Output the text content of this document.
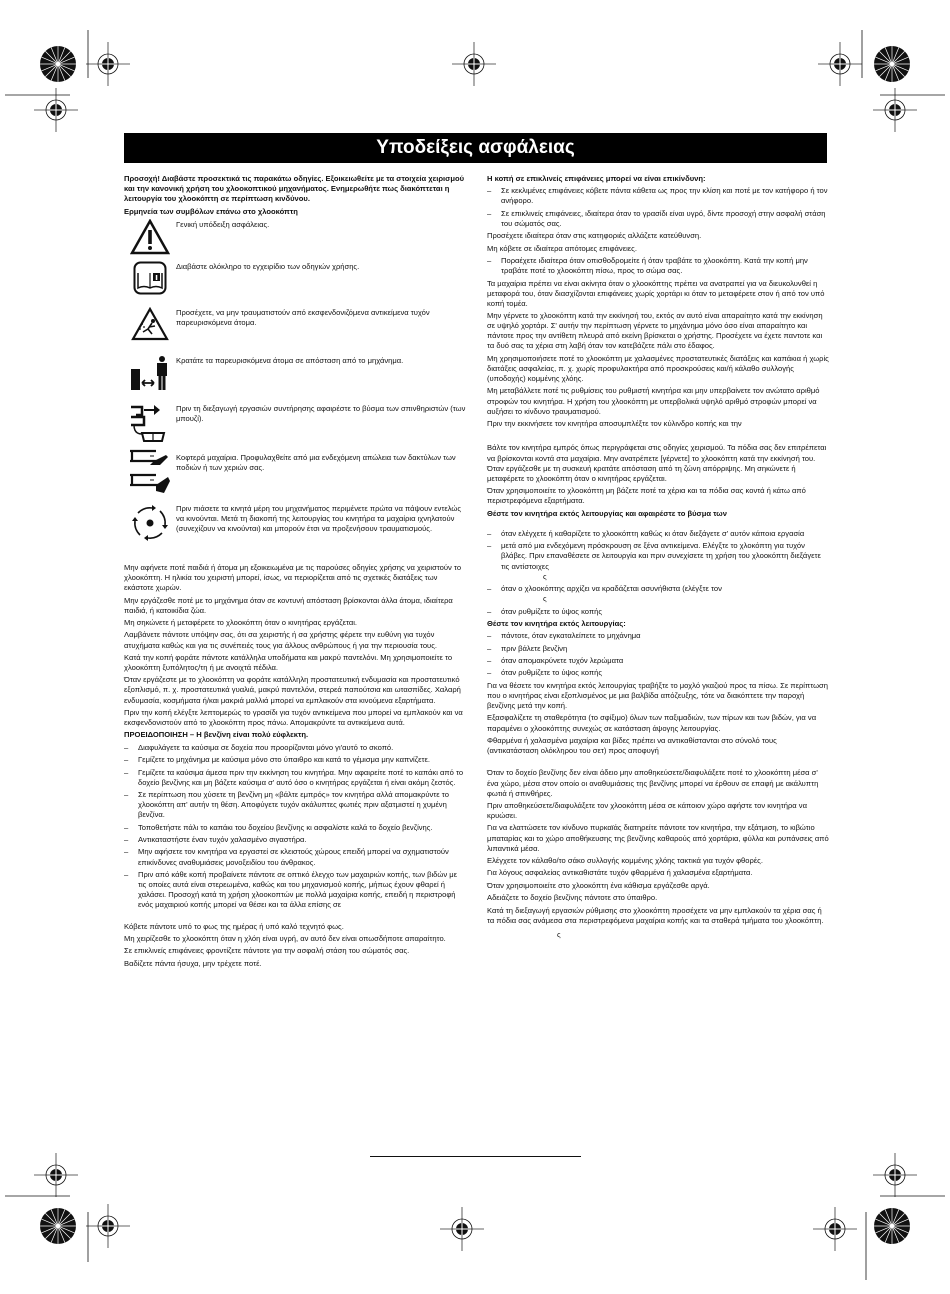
Υποδείξεις ασφάλειας

Προσοχή! Διαβάστε προσεκτικά τις παρακάτω οδηγίες. Εξοικειωθείτε με τα στοιχεία χειρισμού και την κανονική χρήση του χλοοκοπτικού μηχανήματος. Ενημερωθήτε πως διακόπτεται η λειτουργία του χλοοκόπτη σε περίπτωση κινδύνου.

Ερμηνεία των συμβόλων επάνω στο χλοοκόπτη

Γενική υπόδειξη ασφάλειας.
Διαβάστε ολόκληρο το εγχειρίδιο των οδηγιών χρήσης.
Προσέχετε, να μην τραυματιστούν από εκσφενδονιζόμενα αντικείμενα τυχόν παρευρισκόμενα άτομα.
Κρατάτε τα παρευρισκόμενα άτομα σε απόσταση από το μηχάνημα.
Πριν τη διεξαγωγή εργασιών συντήρησης αφαιρέστε το βύσμα των σπινθηριστών (των μπουζί).
Κοφτερά μαχαίρια. Προφυλαχθείτε από μια ενδεχόμενη απώλεια των δακτύλων των ποδιών ή των χεριών σας.
Πριν πιάσετε τα κινητά μέρη του μηχανήματος περιμένετε πρώτα να πάψουν εντελώς να κινούνται. Μετά τη διακοπή της λειτουργίας του κινητήρα τα μαχαίρια ιχνηλατούν (συνεχίζουν να κινούνται) και μπορούν έτσι να προξενήσουν τραυματισμούς.

Μην αφήνετε ποτέ παιδιά ή άτομα μη εξοικειωμένα με τις παρούσες οδηγίες χρήσης να χειριστούν το χλοοκόπτη. Η ηλικία του χειριστή μπορεί, ίσως, να περιορίζεται από τις σχετικές διατάξεις των εκάστοτε χωρών.

Μην εργάζεσθε ποτέ με το μηχάνημα όταν σε κοντυνή απόσταση βρίσκονται άλλα άτομα, ιδιαίτερα παιδιά, ή κατοικίδια ζώα.

Μη σηκώνετε ή μεταφέρετε το χλοοκόπτη όταν ο κινητήρας εργάζεται.

Λαμβάνετε πάντοτε υπόψην σας, ότι σα χειριστής ή σα χρήστης φέρετε την ευθύνη για τυχόν ατυχήματα καθώς και για τις συνέπειές τους για άλλους ανθρώπους ή για την περιουσία τους.

Κατά την κοπή φοράτε πάντοτε κατάλληλα υποδήματα και μακρύ παντελόνι. Μη χρησιμοποιείτε το χλοοκόπτη ξυπόλητος/τη ή με ανοιχτά πέδιλα.

Όταν εργάζεστε με το χλοοκόπτη να φοράτε κατάλληλη προστατευτική ενδυμασία και προστατευτικό εξοπλισμό, π. χ. προστατευτικά γυαλιά, μακρύ παντελόνι, στερεά παπούτσια και ωτασπίδες. Χαλαρή ενδυμασία, κοσμήματα ή/και μακριά μαλλιά μπορεί να εμπλακούν στα κινούμενα εξαρτήματα.

Πριν την κοπή ελέγξτε λεπτομερώς το γρασίδι για τυχόν αντικείμενα που μπορεί να εμπλακούν και να εκσφενδονιστούν από το χλοοκόπτη προς πάνω. Απομακρύντε τα αντικείμενα αυτά.

ΠΡΟΕΙΔΟΠΟΙΗΣΗ – Η βενζίνη είναι πολύ εύφλεκτη.

–	Διαφυλάγετε τα καύσιμα σε δοχεία που προορίζονται μόνο γι'αυτό το σκοπό.
–	Γεμίζετε το μηχάνημα με καύσιμα μόνο στο ύπαιθρο και κατά το γέμισμα μην καπνίζετε.
–	Γεμίζετε τα καύσιμα άμεσα πριν την εκκίνηση του κινητήρα. Μην αφαιρείτε ποτέ το καπάκι από το δοχείο βενζίνης και μη βάζετε καύσιμα σ' αυτό όσο ο κινητήρας εργάζεται ή είναι ακόμη ζεστός.
–	Σε περίπτωση που χύσετε τη βενζίνη μη «βάλτε εμπρός» τον κινητήρα αλλά απομακρύντε το χλοοκόπτη απ' αυτήν τη θέση. Αποφύγετε τυχόν ακάλυπτες φωτιές πριν αξατμιστεί η χυμένη βενζίνα.
–	Τοποθετήστε πάλι το καπάκι του δοχείου βενζίνης κι ασφαλίστε καλά το δοχείο βενζίνης.
–	Αντικαταστήστε έναν τυχόν χαλασμένο σιγαστήρα.
–	Μην αφήσετε τον κινητήρα να εργαστεί σε κλειστούς χώρους επειδή μπορεί να σχηματιστούν επικίνδυνες αναθυμιάσεις μονοξειδίου του άνθρακος.
–	Πριν από κάθε κοπή προβαίνετε πάντοτε σε οπτικό έλεγχο των μαχαιριών κοπής, των βιδών με τις οποίες αυτά είναι στερεωμένα, καθώς και του μηχανισμού κοπής, μήπως έχουν φθαρεί ή χαλάσει. Προσοχή κατά τη χρήση χλοοκοπτών με πολλά μαχαίρια κοπής, επειδή η περιστροφή ενός μαχαιριού κοπής μπορεί να θέσει και τα άλλα επίσης σε

Κόβετε πάντοτε υπό το φως της ημέρας ή υπό καλό τεχνητό φως.

Μη χειρίζεσθε το χλοοκόπτη όταν η χλόη είναι υγρή, αν αυτό δεν είναι οπωσδήποτε απαραίτητο.

Σε επικλινείς επιφάνειες φροντίζετε πάντοτε για την ασφαλή στάση του σώματός σας.

Βαδίζετε πάντα ήσυχα, μην τρέχετε ποτέ.

Η κοπή σε επικλινείς επιφάνειες μπορεί να είναι επικίνδυνη:

–	Σε κεκλιμένες επιφάνειες κόβετε πάντα κάθετα ως προς την κλίση και ποτέ με τον κατήφορο ή τον ανήφορο.
–	Σε επικλινείς επιφάνειες, ιδιαίτερα όταν το γρασίδι είναι υγρό, δίντε προσοχή στην ασφαλή στάση του σώματός σας.

Προσέχετε ιδιαίτερα όταν στις κατηφοριές αλλάζετε κατεύθυνση.

Μη κόβετε σε ιδιαίτερα απότομες επιφάνειες.

–	Πoραέχετε ιδιαίτερα όταν οπισθοδρομείτε ή όταν τραβάτε το χλοοκόπτη. Κατά την κοπή μην τραβάτε ποτέ το χλοοκόπτη πίσω, προς το σώμα σας.

Τα μαχαίρια πρέπει να είναι ακίνητα όταν ο χλοοκόπτης πρέπει να ανατραπεί για να διευκολυνθεί η μεταφορά του, όταν διασχίζονται επιφάνειες χωρίς χορτάρι κι όταν το μεταφέρετε στον ή από τον υπό κοπή τομέα.

Μην γέρνετε το χλοοκόπτη κατά την εκκίνησή του, εκτός αν αυτό είναι απαραίτητο κατά την εκκίνηση σε υψηλό χορτάρι. Σ' αυτήν την περίπτωση γέρνετε το μηχάνημα μόνο όσο είναι απαραίτητο και πάντοτε προς την αντίθετη πλευρά από εκείνη βρίσκεται ο χρήστης. Προσέχετε να έχετε παντοτε και τα δυό σας τα χέρια στη λαβή όταν τον κατεβάζετε πάλι στο έδαφος.

Μη χρησιμοποιήσετε ποτέ το χλοοκόπτη με χαλασμένες προστατευτικές διατάξεις και καπάκια ή χωρίς διατάξεις ασφαλείας, π. χ. χωρίς προφυλακτήρα από προσκρούσεις και/ή κάλαθο συλλογής (υποδοχής) κομμένης χλόης.

Μη μεταβάλλετε ποτέ τις ρυθμίσεις του ρυθμιστή κινητήρα και μην υπερβαίνετε τον ανώτατο αριθμό στροφών του κινητήρα. Η χρήση του χλοοκόπτη με υπερβολικά υψηλό αριθμό στροφών μπορεί να αυξήσει το κίνδυνο τραυματισμού.

Πριν την εκκινήσετε τον κινητήρα αποσυμπλέξτε τον κύλινδρο κοπής και την

Βάλτε τον κινητήρα εμπρός όπως περιγράφεται στις οδηγίες χειρισμού. Τα πόδια σας δεν επιτρέπεται να βρίσκονται κοντά στα μαχαίρια. Μην ανατρέπετε [γέρνετε] το χλοοκόπτη κατά την εκκίνησή του. Όταν εργάζεσθε με τη συσκευή κρατάτε απόσταση από τη ζώνη απόρριψης. Μη σηκώνετε ή μεταφέρετε το χλοοκόπτη όταν ο κινητήρας εργάζεται.

Όταν χρησιμοποιείτε το χλοοκόπτη μη βάζετε ποτέ τα χέρια και τα πόδια σας κοντά ή κάτω από περιστρεφόμενα εξαρτήματα.

Θέστε τον κινητήρα εκτός λειτουργίας και αφαιρέστε το βύσμα των

–	όταν ελέγχετε ή καθαρίζετε το χλοοκόπτη καθώς κι όταν διεξάγετε σ' αυτόν κάποια εργασία
–	μετά από μια ενδεχόμενη πρόσκρουση σε ξένα αντικείμενα. Ελέγξτε το χλοκόπτη για τυχόν βλάβες. Πριν επαναθέσετε σε λειτουργία και πριν συνεχίσετε τη χρήση του χλοοκόπτη διεξάγετε τις αντίστοιχες

ς

–	όταν ο χλοοκόπτης αρχίζει να κραδάζεται ασυνήθιστα (ελέγξτε τον

ς

–	όταν ρυθμίζετε το ύψος κοπής

Θέστε τον κινητήρα εκτός λειτουργίας:

–	πάντοτε, όταν εγκαταλείπετε το μηχάνημα
–	πριν βάλετε βενζίνη
–	όταν απομακρύνετε τυχόν λερώματα
–	όταν ρυθμίζετε το ύψος κοπής

Για να θέσετε τον κινητήρα εκτός λειτουργίας τραβήξτε το μοχλό γκαζιού προς τα πίσω. Σε περίπτωση που ο κινητήρας είναι εξοπλισμένος με μια βαλβίδα απόζευξης, τότε να διακόπτετε την παροχή βενζίνης μετά την κοπή.

Εξασφαλίζετε τη σταθερότητα (το σφίξιμο) όλων των παξιμαδιών, των πίρων και των βιδών, για να παραμένει ο χλοοκόπτης συνεχώς σε κατάσταση άψογης λειτουργίας.

Φθαρμένα ή χαλασμένα μαχαίρια και βίδες πρέπει να αντικαθίστανται στο σύνολό τους (αντικατάσταση ολόκληρου του σετ) προς αποφυγή

Όταν το δοχείο βενζίνης δεν είναι άδειο μην αποθηκεύσετε/διαφυλάξετε ποτέ το χλοοκόπτη μέσα σ' ένα χώρο, μέσα στον οποίο οι αναθυμιάσεις της βενζίνης μπορεί να έρθουν σε επαφή με ακάλυπτη φωτιά ή σπινθήρες.

Πριν αποθηκεύσετε/διαφυλάξετε τον χλοοκόπτη μέσα σε κάποιον χώρο αφήστε τον κινητήρα να κρυώσει.

Για να ελαττώσετε τον κίνδυνο πυρκαϊάς διατηρείτε πάντοτε τον κινητήρα, την εξάτμιση, το κιβώτιο μπαταρίας και το χώρο αποθήκευσης της βενζίνης καθαρούς από χορτάρια, φύλλα και ρυπάνσεις από λιπαντικά μέσα.

Ελέγχετε τον κάλαθο/το σάκο συλλογής κομμένης χλόης τακτικά για τυχόν φθορές.

Για λόγους ασφαλείας αντικαθιστάτε τυχόν φθαρμένα ή χαλασμένα εξαρτήματα.

Όταν χρησιμοποιείτε στο χλοοκόπτη ένα κάθισμα εργάζεσθε αργά.

Αδειάζετε το δοχείο βενζίνης πάντοτε στο ύπαιθρο.

Κατά τη διεξαγωγή εργασιών ρύθμισης στο χλοοκόπτη προσέχετε να μην εμπλακούν τα χέρια σας ή τα πόδια σας ανάμεσα στα περιστρεφόμενα μαχαίρια κοπής και τα σταθερά τμήματα του χλοοκόπτη.

ς
